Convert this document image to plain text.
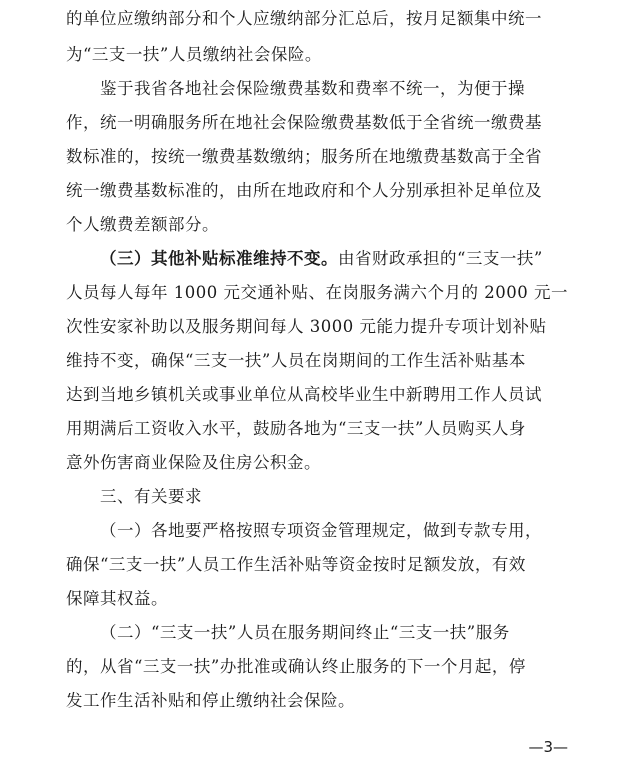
的单位应缴纳部分和个人应缴纳部分汇总后，按月足额集中统一
为“三支一扶”人员缴纳社会保险。
鉴于我省各地社会保险缴费基数和费率不统一，为便于操
作，统一明确服务所在地社会保险缴费基数低于全省统一缴费基
数标准的，按统一缴费基数缴纳；服务所在地缴费基数高于全省
统一缴费基数标准的，由所在地政府和个人分别承担补足单位及
个人缴费差额部分。
（三）其他补贴标准维持不变。由省财政承担的“三支一扶”
人员每人每年 1000 元交通补贴、在岗服务满六个月的 2000 元一
次性安家补助以及服务期间每人 3000 元能力提升专项计划补贴
维持不变，确保“三支一扶”人员在岗期间的工作生活补贴基本
达到当地乡镇机关或事业单位从高校毕业生中新聘用工作人员试
用期满后工资收入水平，鼓励各地为“三支一扶”人员购买人身
意外伤害商业保险及住房公积金。
三、有关要求
（一）各地要严格按照专项资金管理规定，做到专款专用，
确保“三支一扶”人员工作生活补贴等资金按时足额发放，有效
保障其权益。
（二）“三支一扶”人员在服务期间终止“三支一扶”服务
的，从省“三支一扶”办批准或确认终止服务的下一个月起，停
发工作生活补贴和停止缴纳社会保险。
—3—
